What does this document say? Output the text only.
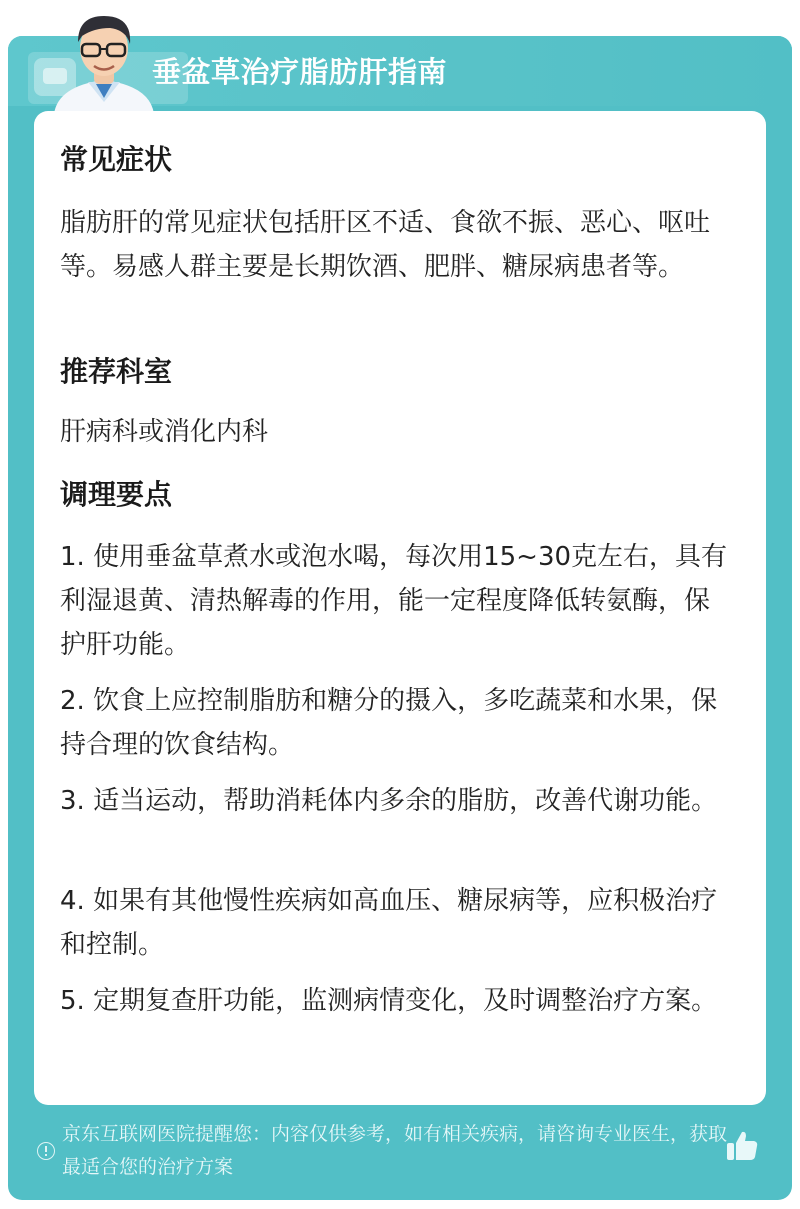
垂盆草治疗脂肪肝指南
常见症状
脂肪肝的常见症状包括肝区不适、食欲不振、恶心、呕吐等。易感人群主要是长期饮酒、肥胖、糖尿病患者等。
推荐科室
肝病科或消化内科
调理要点
1. 使用垂盆草煮水或泡水喝，每次用15~30克左右，具有利湿退黄、清热解毒的作用，能一定程度降低转氨酶，保护肝功能。
2. 饮食上应控制脂肪和糖分的摄入，多吃蔬菜和水果，保持合理的饮食结构。
3. 适当运动，帮助消耗体内多余的脂肪，改善代谢功能。
4. 如果有其他慢性疾病如高血压、糖尿病等，应积极治疗和控制。
5. 定期复查肝功能，监测病情变化，及时调整治疗方案。
京东互联网医院提醒您：内容仅供参考，如有相关疾病，请咨询专业医生，获取最适合您的治疗方案
